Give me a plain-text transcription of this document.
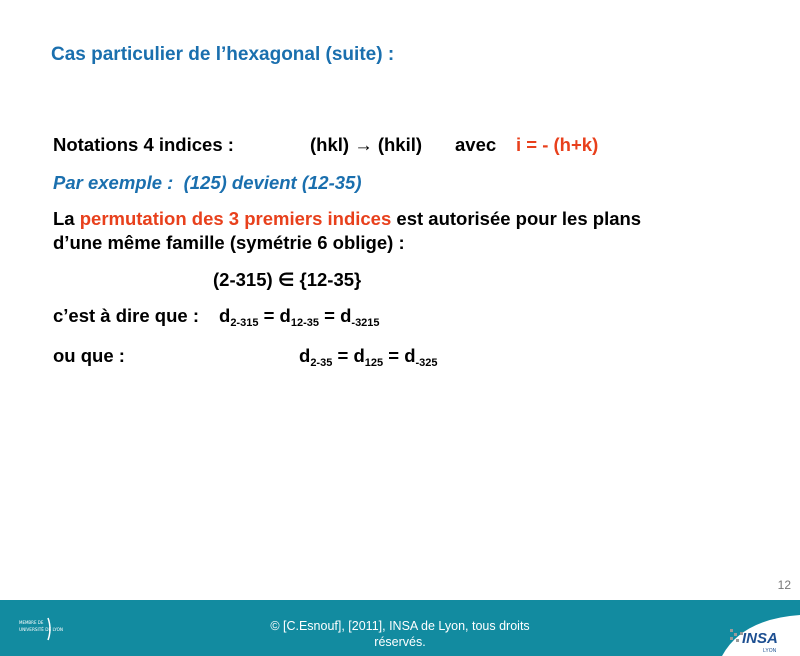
Cas particulier de l’hexagonal (suite) :
Notations 4 indices :	(hkl) → (hkil) avec i = - (h+k)
Par exemple : (125) devient (12-35)
La permutation des 3 premiers indices est autorisée pour les plans
d’une même famille (symétrie 6 oblige) :
(2-315) ∈ {12-35}
c’est à dire que : $d_{2-315} = d_{12-35} = d_{-3215}$
ou que :	$d_{2-35} = d_{125} = d_{-325}$
12
MEMBRE DE
UNIVERSITÉ DE LYON	© [C.Esnouf], [2011], INSA de Lyon, tous droits
réservés.	INSA
LYON
